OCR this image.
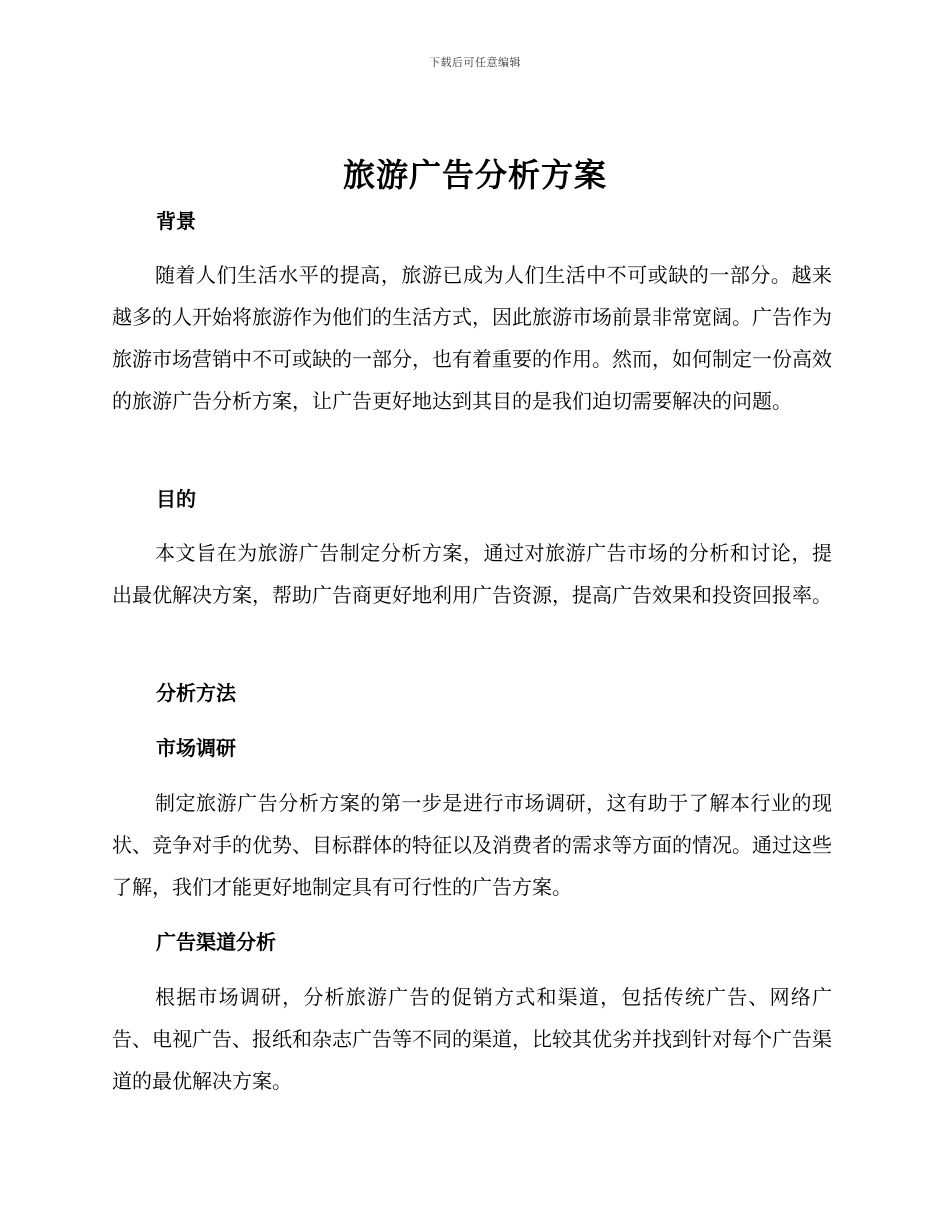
下载后可任意编辑
旅游广告分析方案
背景

随着人们生活水平的提高，旅游已成为人们生活中不可或缺的一部分。越来越多的人开始将旅游作为他们的生活方式，因此旅游市场前景非常宽阔。广告作为旅游市场营销中不可或缺的一部分，也有着重要的作用。然而，如何制定一份高效的旅游广告分析方案，让广告更好地达到其目的是我们迫切需要解决的问题。

目的

本文旨在为旅游广告制定分析方案，通过对旅游广告市场的分析和讨论，提出最优解决方案，帮助广告商更好地利用广告资源，提高广告效果和投资回报率。

分析方法
市场调研

制定旅游广告分析方案的第一步是进行市场调研，这有助于了解本行业的现状、竞争对手的优势、目标群体的特征以及消费者的需求等方面的情况。通过这些了解，我们才能更好地制定具有可行性的广告方案。

广告渠道分析

根据市场调研，分析旅游广告的促销方式和渠道，包括传统广告、网络广告、电视广告、报纸和杂志广告等不同的渠道，比较其优劣并找到针对每个广告渠道的最优解决方案。
